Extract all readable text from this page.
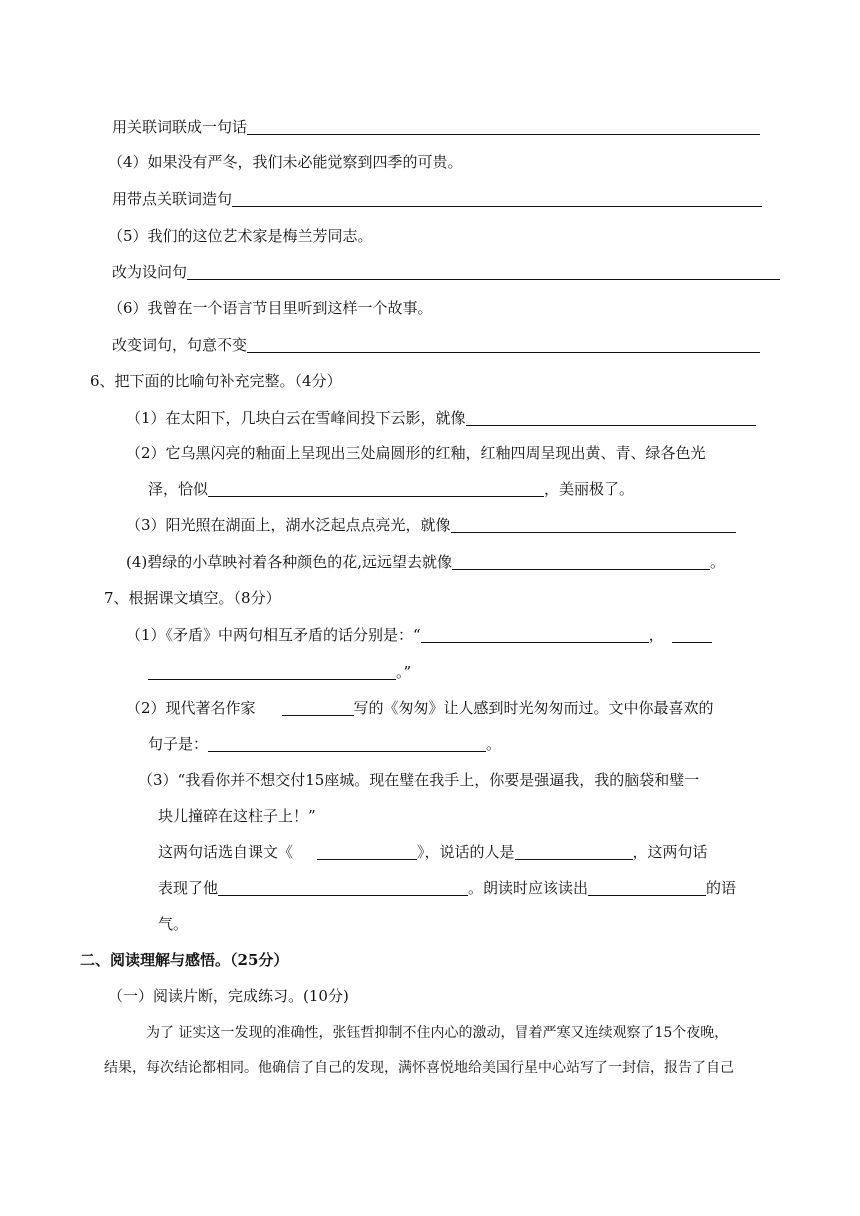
用关联词联成一句话
（4）如果没有严冬，我们未必能觉察到四季的可贵。
用带点关联词造句
（5）我们的这位艺术家是梅兰芳同志。
改为设问句
（6）我曾在一个语言节目里听到这样一个故事。
改变词句，句意不变
6、把下面的比喻句补充完整。（4分）
（1）在太阳下，几块白云在雪峰间投下云影，就像
（2）它乌黑闪亮的釉面上呈现出三处扁圆形的红釉，红釉四周呈现出黄、青、绿各色光
泽，恰似	，美丽极了。
（3）阳光照在湖面上，湖水泛起点点亮光，就像
(4)碧绿的小草映衬着各种颜色的花,远远望去就像	。
7、根据课文填空。（8分）
（1）《矛盾》中两句相互矛盾的话分别是：“	，
。”
（2）现代著名作家	写的《匆匆》让人感到时光匆匆而过。文中你最喜欢的
句子是：	。
（3）“我看你并不想交付15座城。现在璧在我手上，你要是强逼我，我的脑袋和璧一
块儿撞碎在这柱子上！”
这两句话选自课文《	》，说话的人是	，这两句话
表现了他	。朗读时应该读出	的语
气。
二、阅读理解与感悟。（25分）
（一）阅读片断，完成练习。(10分)
为了 证实这一发现的准确性，张钰哲抑制不住内心的激动，冒着严寒又连续观察了15个夜晚，
结果，每次结论都相同。他确信了自己的发现，满怀喜悦地给美国行星中心站写了一封信，报告了自己
